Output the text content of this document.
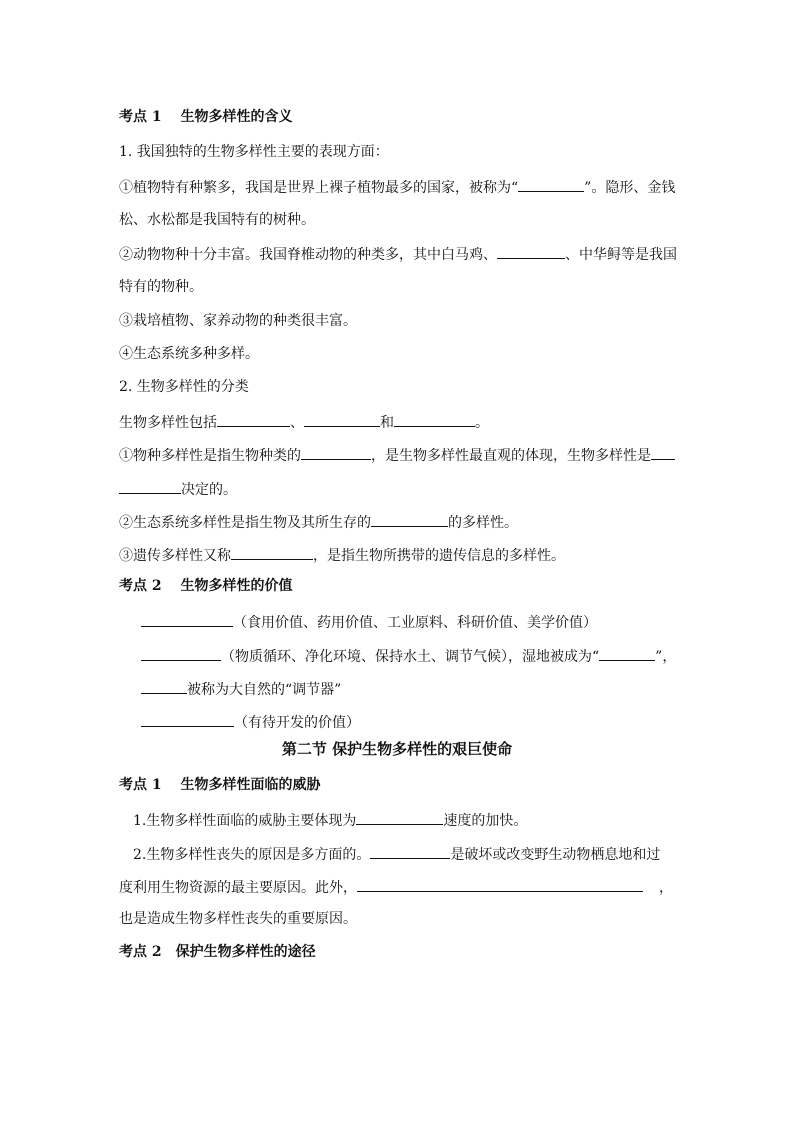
考点 1　 生物多样性的含义
1. 我国独特的生物多样性主要的表现方面：
①植物特有种繁多，我国是世界上裸子植物最多的国家，被称为“	”。隐形、金钱
松、水松都是我国特有的树种。
②动物物种十分丰富。我国脊椎动物的种类多，其中白马鸡、	、中华鲟等是我国
特有的物种。
③栽培植物、家养动物的种类很丰富。
④生态系统多种多样。
2. 生物多样性的分类
生物多样性包括	、	和	。
①物种多样性是指生物种类的	，是生物多样性最直观的体现，生物多样性是
决定的。
②生态系统多样性是指生物及其所生存的	的多样性。
③遗传多样性又称	，是指生物所携带的遗传信息的多样性。
考点 2　 生物多样性的价值
（食用价值、药用价值、工业原料、科研价值、美学价值）
（物质循环、净化环境、保持水土、调节气候），湿地被成为“	”，
被称为大自然的“调节器”
（有待开发的价值）
第二节 保护生物多样性的艰巨使命
考点 1　 生物多样性面临的威胁
1.生物多样性面临的威胁主要体现为	速度的加快。
2.生物多样性丧失的原因是多方面的。	是破坏或改变野生动物栖息地和过
度利用生物资源的最主要原因。此外，	，
也是造成生物多样性丧失的重要原因。
考点 2　保护生物多样性的途径
